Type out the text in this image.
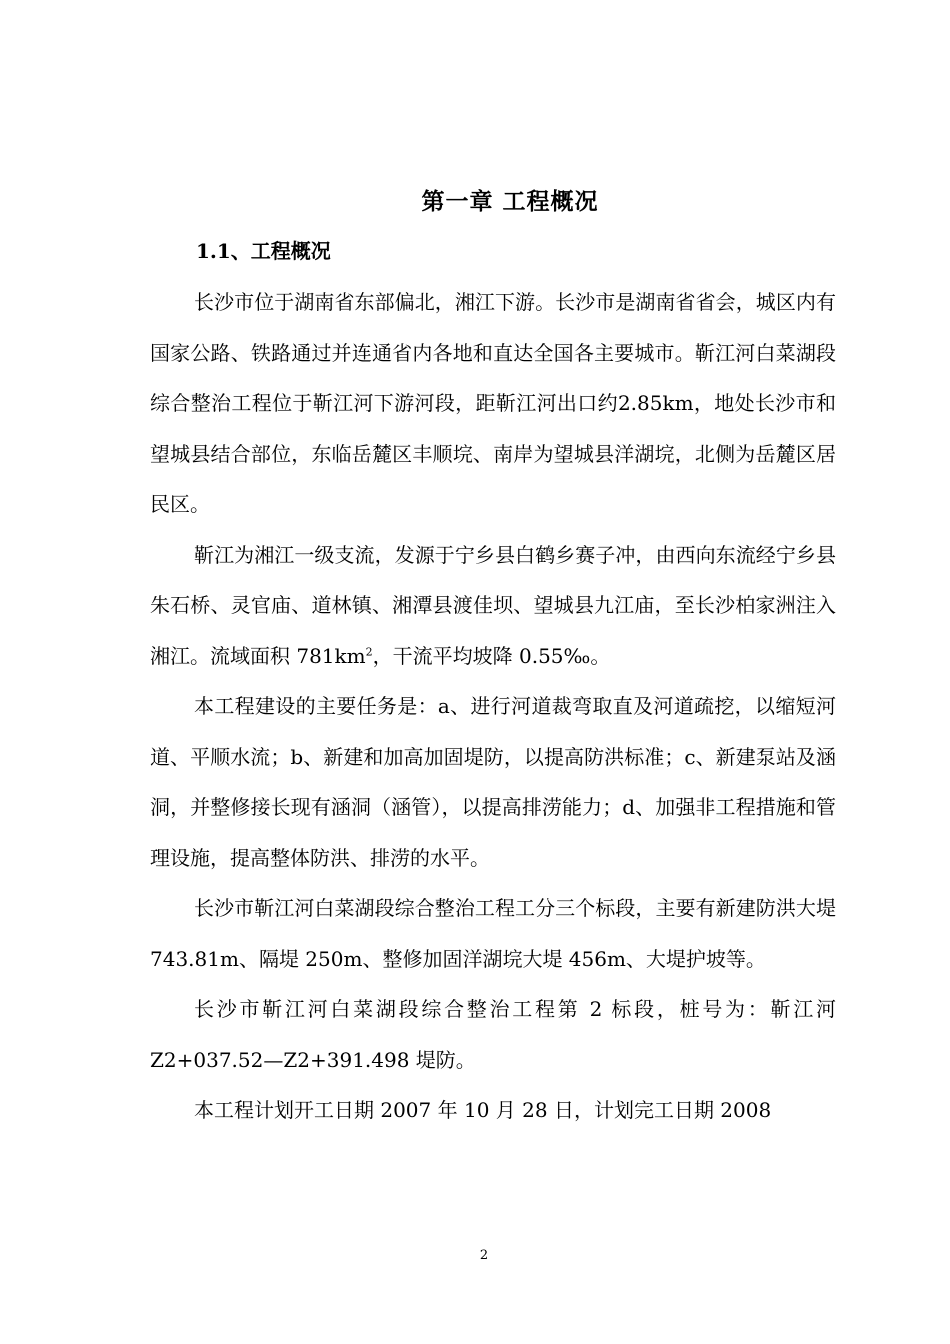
第一章 工程概况
1.1、工程概况

长沙市位于湖南省东部偏北，湘江下游。长沙市是湖南省省会，城区内有国家公路、铁路通过并连通省内各地和直达全国各主要城市。靳江河白菜湖段综合整治工程位于靳江河下游河段，距靳江河出口约2.85km，地处长沙市和望城县结合部位，东临岳麓区丰顺垸、南岸为望城县洋湖垸，北侧为岳麓区居民区。

靳江为湘江一级支流，发源于宁乡县白鹤乡赛子冲，由西向东流经宁乡县朱石桥、灵官庙、道林镇、湘潭县渡佳坝、望城县九江庙，至长沙柏家洲注入湘江。流域面积 $781km^2$，干流平均坡降 0.55‰。

本工程建设的主要任务是：a、进行河道裁弯取直及河道疏挖，以缩短河道、平顺水流；b、新建和加高加固堤防，以提高防洪标准；c、新建泵站及涵洞，并整修接长现有涵洞（涵管），以提高排涝能力；d、加强非工程措施和管理设施，提高整体防洪、排涝的水平。

长沙市靳江河白菜湖段综合整治工程工分三个标段，主要有新建防洪大堤 743.81m、隔堤 250m、整修加固洋湖垸大堤 456m、大堤护坡等。

长沙市靳江河白菜湖段综合整治工程第 2 标段，桩号为：靳江河 Z2+037.52—Z2+391.498 堤防。

本工程计划开工日期 2007 年 10 月 28 日，计划完工日期 2008

2
